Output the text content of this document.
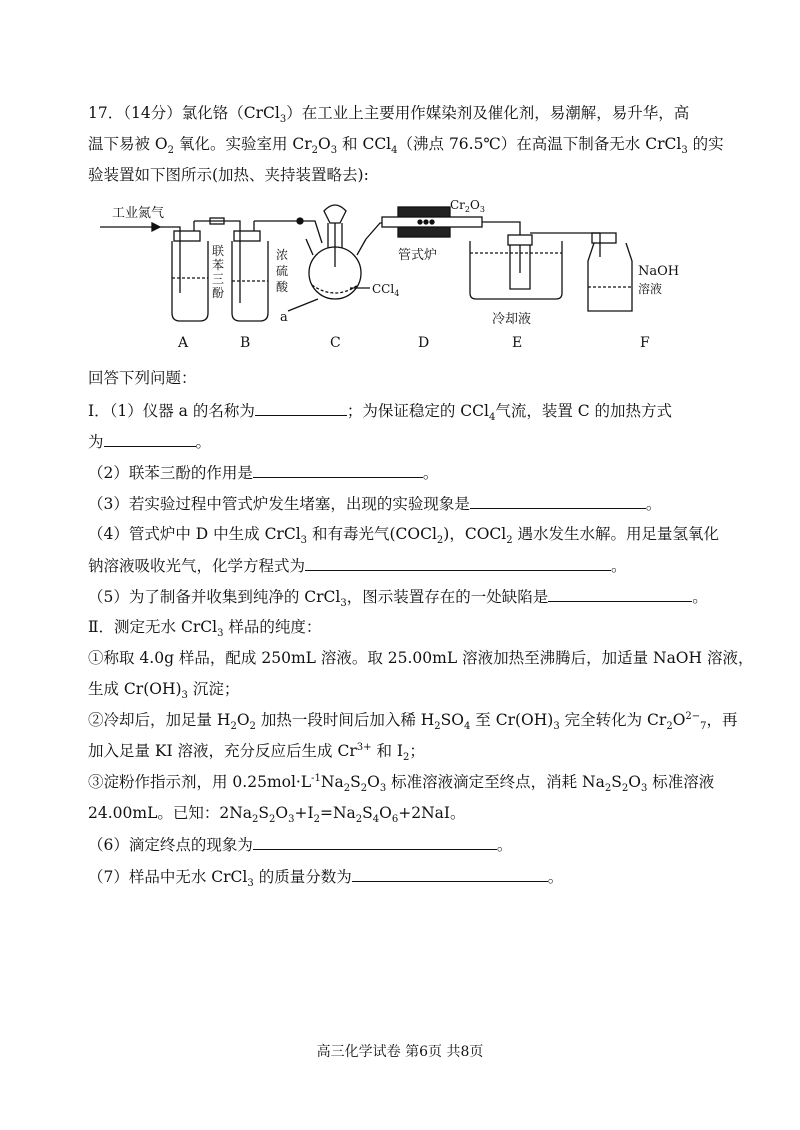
17．（14分）氯化铬（CrCl$_3$）在工业上主要用作媒染剂及催化剂，易潮解，易升华，高
温下易被 $O_2$ 氧化。实验室用 $Cr_2O_3$ 和 CCl$_4$（沸点 76.5℃）在高温下制备无水 CrCl$_3$ 的实
验装置如下图所示(加热、夹持装置略去):
工业氮气
联
苯
三
酚
浓
硫
酸
$Cr_2O_3$
管式炉
CCl$_4$
a
NaOH
溶液
冷却液
A	B	C	D	E	F
回答下列问题：
Ⅰ．（1）仪器 a 的名称为	；为保证稳定的 CCl$_4$气流，装置 C 的加热方式
为	。
（2）联苯三酚的作用是	。
（3）若实验过程中管式炉发生堵塞，出现的实验现象是	。
（4）管式炉中 D 中生成 CrCl$_3$ 和有毒光气(COCl$_2$)，COCl$_2$ 遇水发生水解。用足量氢氧化
钠溶液吸收光气，化学方程式为	。
（5）为了制备并收集到纯净的 CrCl$_3$，图示装置存在的一处缺陷是	。
Ⅱ．测定无水 CrCl$_3$ 样品的纯度：
①称取 4.0g 样品，配成 250mL 溶液。取 25.00mL 溶液加热至沸腾后，加适量 NaOH 溶液，
生成 $Cr(OH)_3$ 沉淀；
②冷却后，加足量 $H_2O_2$ 加热一段时间后加入稀 $H_2SO_4$ 至 $Cr(OH)_3$ 完全转化为 $Cr_2O^{2-}_7$，再
加入足量 KI 溶液，充分反应后生成 $Cr^{3+}$ 和 $I_2$；
③淀粉作指示剂，用 $0.25mol\cdot L^{-1}Na_2S_2O_3$ 标准溶液滴定至终点，消耗 $Na_2S_2O_3$ 标准溶液
24.00mL。已知：$2Na_2S_2O_3+I_2=Na_2S_4O_6+2NaI$。
（6）滴定终点的现象为	。
（7）样品中无水 CrCl$_3$ 的质量分数为	。
高三化学试卷 第6页 共8页
